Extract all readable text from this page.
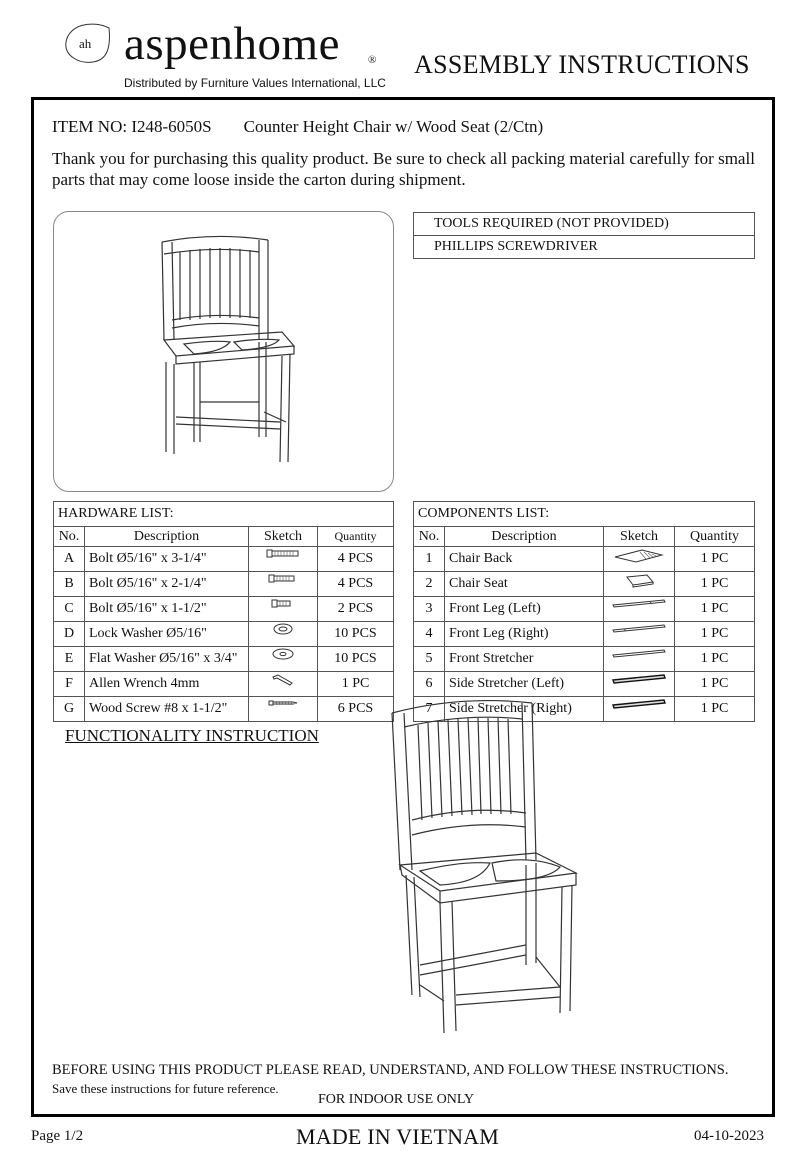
ah aspenhome	®
Distributed by Furniture Values International, LLC
ASSEMBLY INSTRUCTIONS
ITEM NO: I248-6050S Counter Height Chair w/ Wood Seat (2/Ctn)
Thank you for purchasing this quality product. Be sure to check all packing material carefully for small parts that may come loose inside the carton during shipment.
TOOLS REQUIRED (NOT PROVIDED)
PHILLIPS SCREWDRIVER
HARDWARE LIST:			
No.	Description	Sketch	Quantity
A	Bolt Ø5/16" x 3-1/4"		4 PCS
B	Bolt Ø5/16" x 2-1/4"		4 PCS
C	Bolt Ø5/16" x 1-1/2"		2 PCS
D	Lock Washer Ø5/16"		10 PCS
E	Flat Washer Ø5/16" x 3/4"		10 PCS
F	Allen Wrench 4mm		1 PC
G	Wood Screw #8 x 1-1/2"		6 PCS
COMPONENTS LIST:			
No.	Description	Sketch	Quantity
1	Chair Back		1 PC
2	Chair Seat		1 PC
3	Front Leg (Left)		1 PC
4	Front Leg (Right)		1 PC
5	Front Stretcher		1 PC
6	Side Stretcher (Left)		1 PC
7	Side Stretcher (Right)		1 PC
FUNCTIONALITY INSTRUCTION
BEFORE USING THIS PRODUCT PLEASE READ, UNDERSTAND, AND FOLLOW THESE INSTRUCTIONS.
Save these instructions for future reference.
FOR INDOOR USE ONLY
Page 1/2	MADE IN VIETNAM	04-10-2023
